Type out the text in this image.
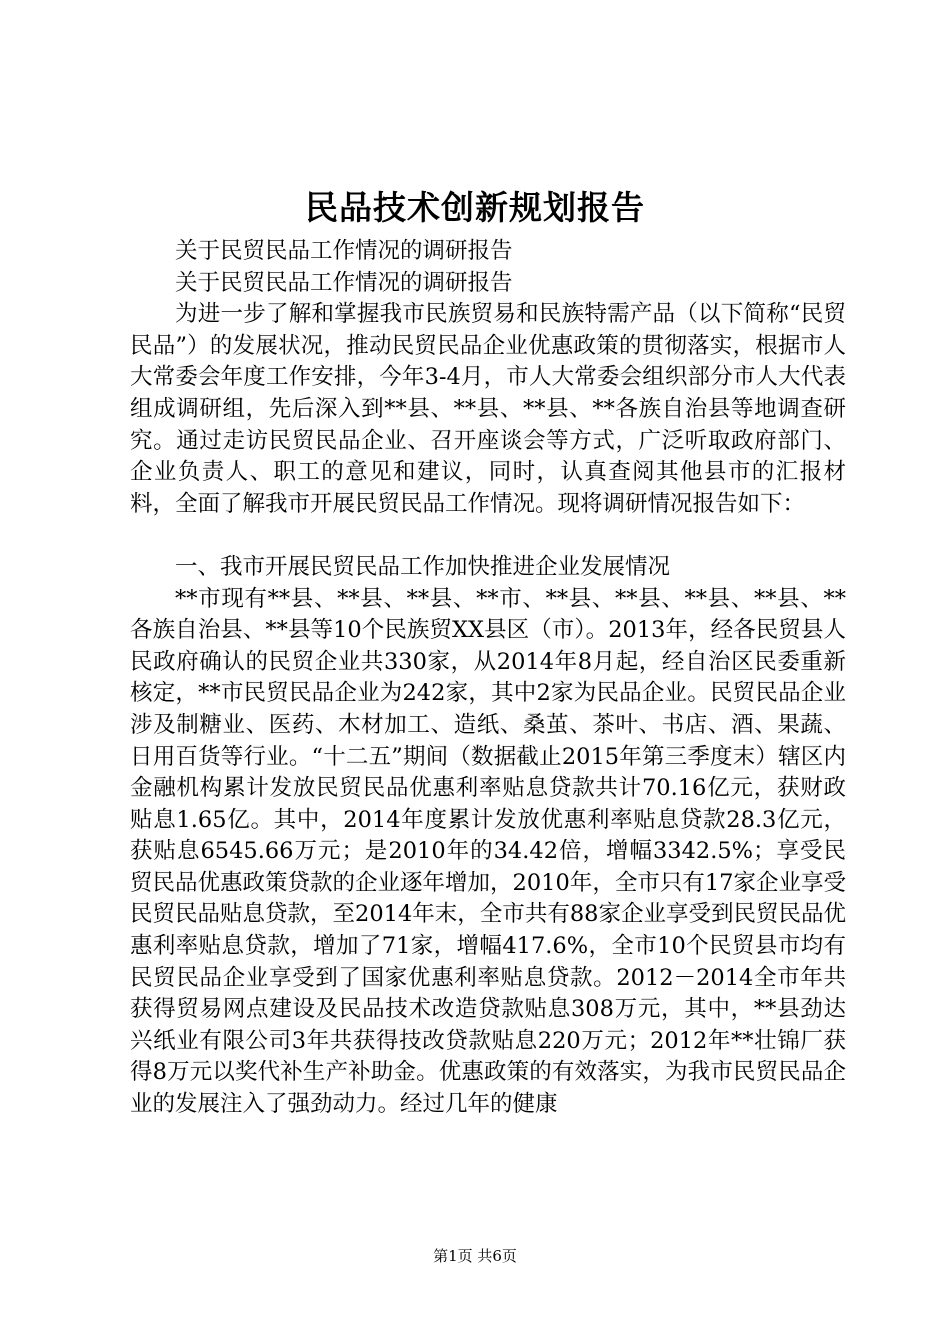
民品技术创新规划报告

关于民贸民品工作情况的调研报告

关于民贸民品工作情况的调研报告

为进一步了解和掌握我市民族贸易和民族特需产品（以下简称“民贸民品”）的发展状况，推动民贸民品企业优惠政策的贯彻落实，根据市人大常委会年度工作安排，今年3-4月，市人大常委会组织部分市人大代表组成调研组，先后深入到**县、**县、**县、**各族自治县等地调查研究。通过走访民贸民品企业、召开座谈会等方式，广泛听取政府部门、企业负责人、职工的意见和建议，同时，认真查阅其他县市的汇报材料，全面了解我市开展民贸民品工作情况。现将调研情况报告如下：

一、我市开展民贸民品工作加快推进企业发展情况

**市现有**县、**县、**县、**市、**县、**县、**县、**县、**各族自治县、**县等10个民族贸XX县区（市）。2013年，经各民贸县人民政府确认的民贸企业共330家，从2014年8月起，经自治区民委重新核定，**市民贸民品企业为242家，其中2家为民品企业。民贸民品企业涉及制糖业、医药、木材加工、造纸、桑茧、茶叶、书店、酒、果蔬、日用百货等行业。“十二五”期间（数据截止2015年第三季度末）辖区内金融机构累计发放民贸民品优惠利率贴息贷款共计70.16亿元，获财政贴息1.65亿。其中，2014年度累计发放优惠利率贴息贷款28.3亿元，获贴息6545.66万元；是2010年的34.42倍，增幅3342.5%；享受民贸民品优惠政策贷款的企业逐年增加，2010年，全市只有17家企业享受民贸民品贴息贷款，至2014年末，全市共有88家企业享受到民贸民品优惠利率贴息贷款，增加了71家，增幅417.6%，全市10个民贸县市均有民贸民品企业享受到了国家优惠利率贴息贷款。2012－2014全市年共获得贸易网点建设及民品技术改造贷款贴息308万元，其中，**县劲达兴纸业有限公司3年共获得技改贷款贴息220万元；2012年**壮锦厂获得8万元以奖代补生产补助金。优惠政策的有效落实，为我市民贸民品企业的发展注入了强劲动力。经过几年的健康

第1页 共6页
